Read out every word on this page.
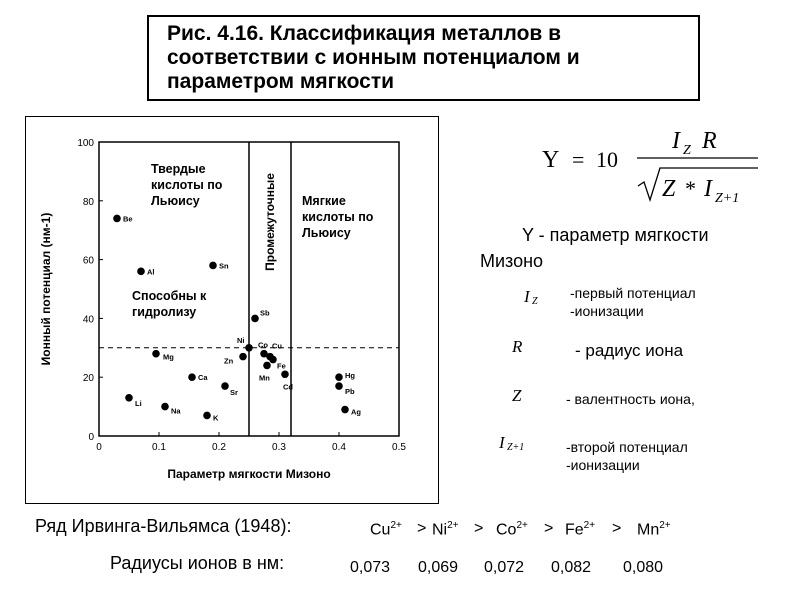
Рис. 4.16. Классификация металлов в
соответствии с ионным потенциалом и
параметром мягкости
0	0.1	0.2	0.3	0.4	0.5
0
20
40
60
80
100
Параметр мягкости Мизоно
Ионный потенциал (нм-1)
Твердые
кислоты по
Льюису	Мягкие
кислоты по
Льюису
Способны к
гидролизу
Промежуточные
Be
Al
Sn
Sb
Ni
Co Cu
Zn
Fe
Mn
Cd
Mg
Ca
Sr
Li
Na
K
Hg
Pb
Ag
Y = 10
I Z R
Z * I Z+1
Y - параметр мягкости
Мизоно
I Z
-первый потенциал
-ионизации
R	- радиус иона
Z	- валентность иона,
I Z+1	-второй потенциал
-ионизации
Ряд Ирвинга-Вильямса (1948):	$Cu^{2+} > Ni^{2+} > Co^{2+} > Fe^{2+} > Mn^{2+}$
Радиусы ионов в нм:	0,073 0,069 0,072 0,082 0,080
